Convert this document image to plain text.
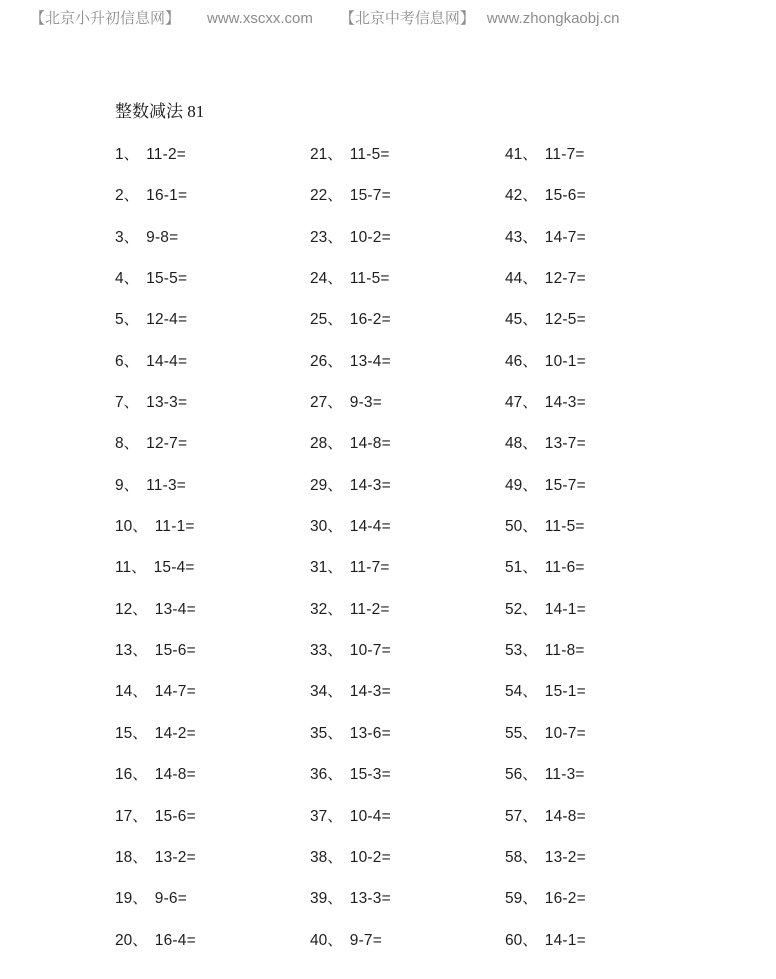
【北京小升初信息网】 www.xscxx.com 【北京中考信息网】 www.zhongkaobj.cn
整数减法 81
1、 11-2=
2、 16-1=
3、 9-8=
4、 15-5=
5、 12-4=
6、 14-4=
7、 13-3=
8、 12-7=
9、 11-3=
10、 11-1=
11、 15-4=
12、 13-4=
13、 15-6=
14、 14-7=
15、 14-2=
16、 14-8=
17、 15-6=
18、 13-2=
19、 9-6=
20、 16-4=
21、 11-5=
22、 15-7=
23、 10-2=
24、 11-5=
25、 16-2=
26、 13-4=
27、 9-3=
28、 14-8=
29、 14-3=
30、 14-4=
31、 11-7=
32、 11-2=
33、 10-7=
34、 14-3=
35、 13-6=
36、 15-3=
37、 10-4=
38、 10-2=
39、 13-3=
40、 9-7=
41、 11-7=
42、 15-6=
43、 14-7=
44、 12-7=
45、 12-5=
46、 10-1=
47、 14-3=
48、 13-7=
49、 15-7=
50、 11-5=
51、 11-6=
52、 14-1=
53、 11-8=
54、 15-1=
55、 10-7=
56、 11-3=
57、 14-8=
58、 13-2=
59、 16-2=
60、 14-1=
